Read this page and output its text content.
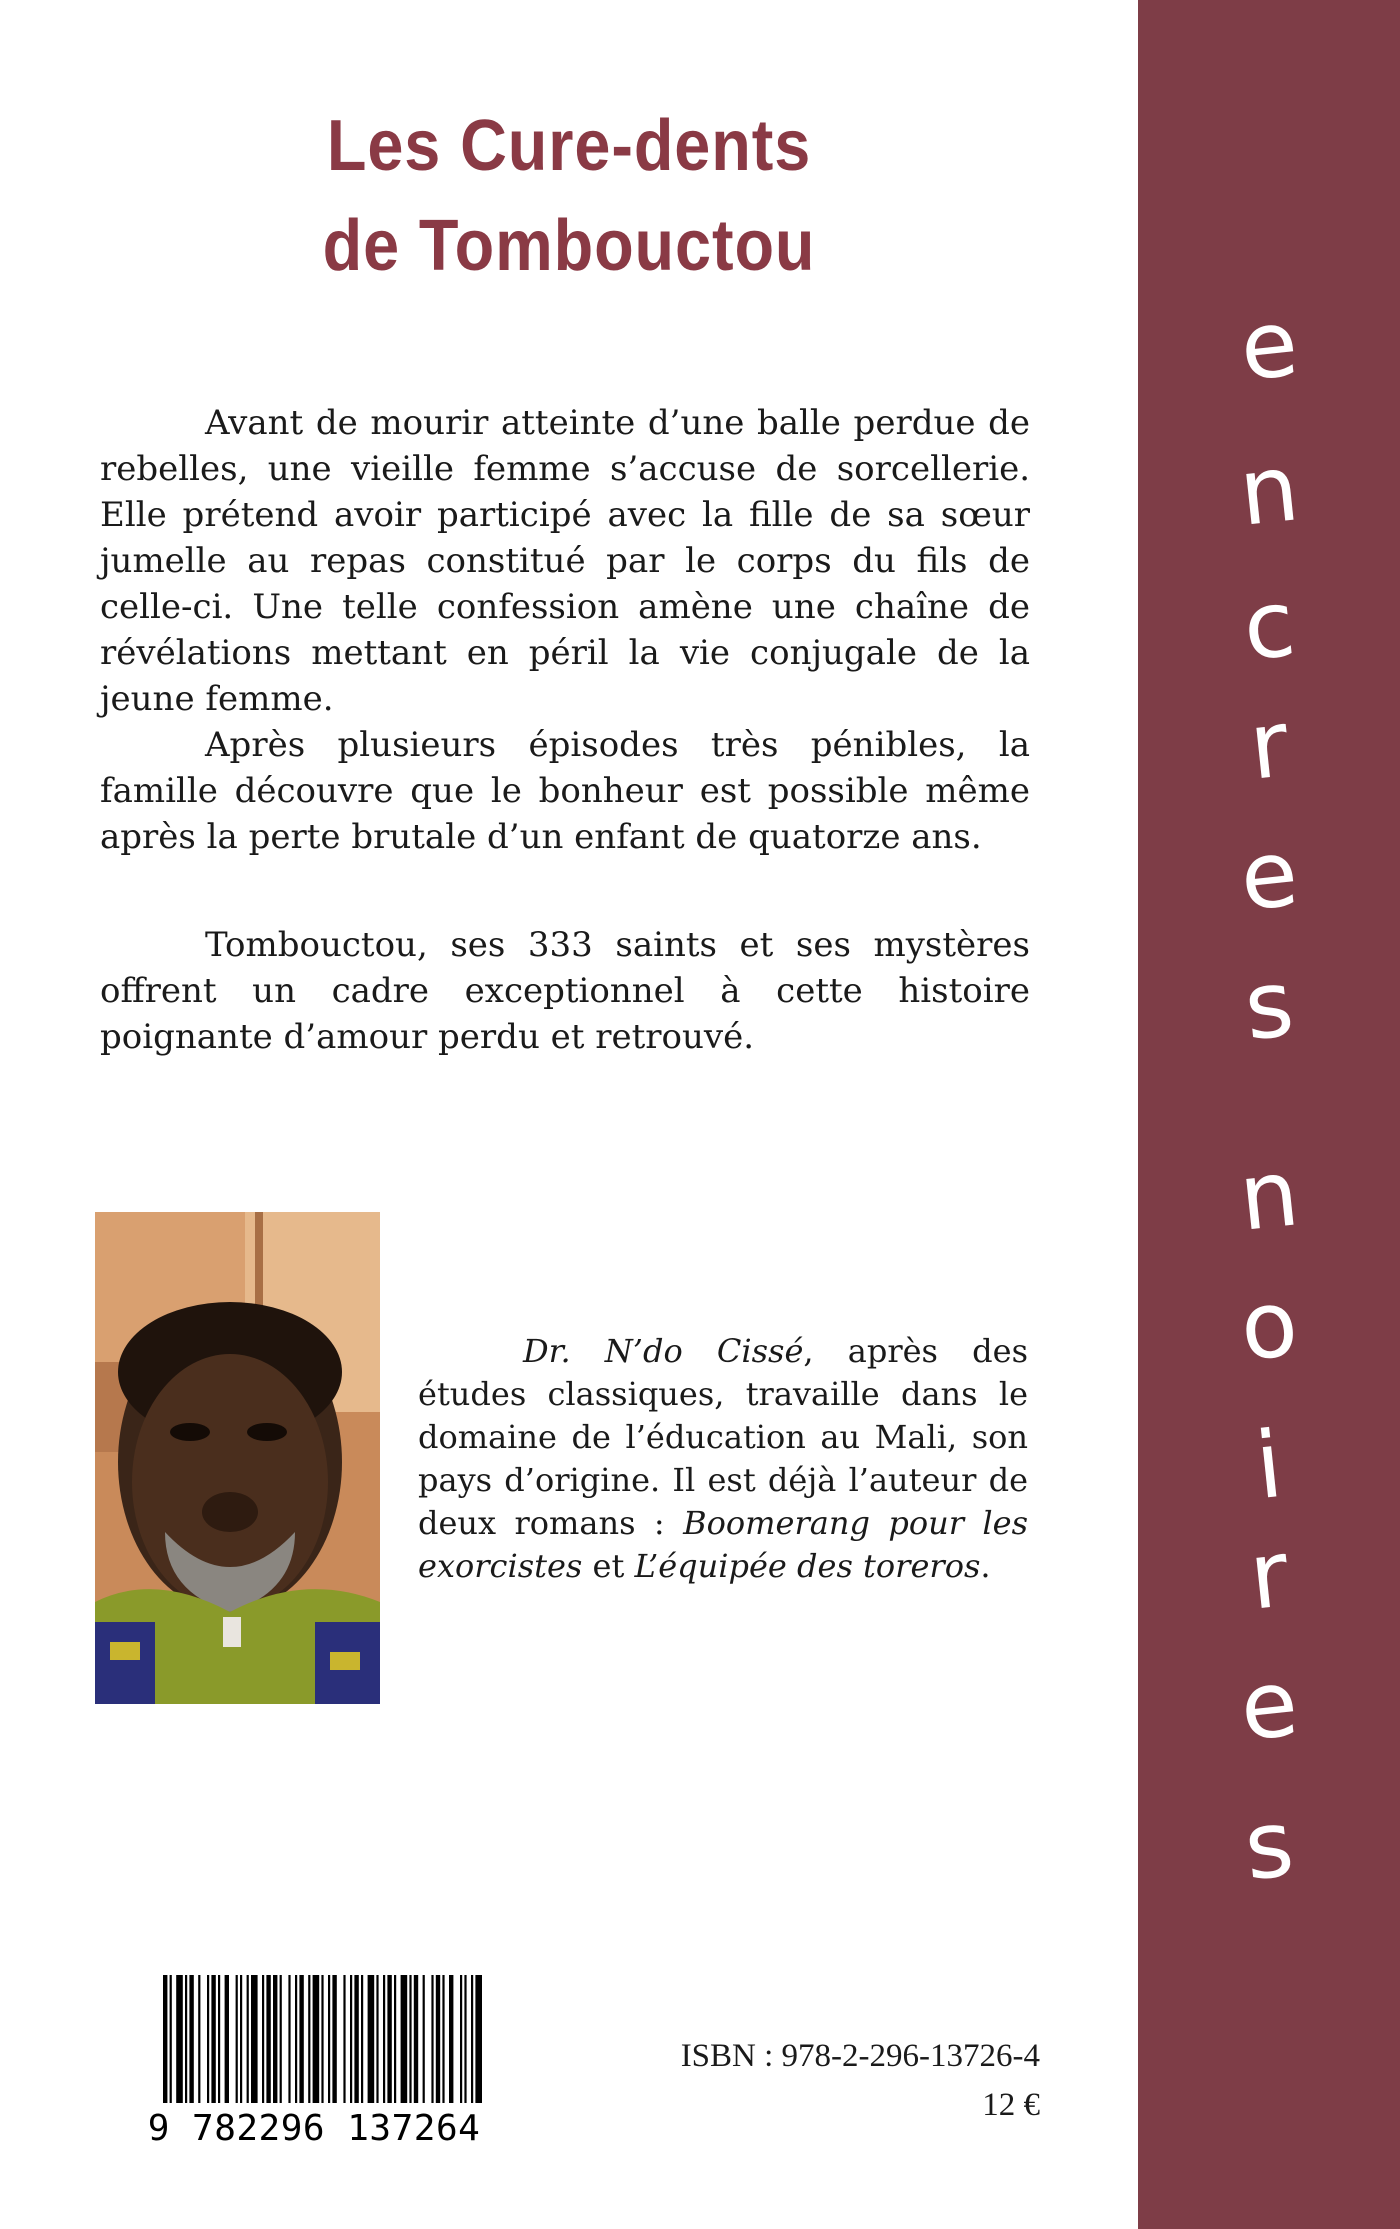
Les Cure-dents
de Tombouctou

Avant de mourir atteinte d’une balle perdue de rebelles, une vieille femme s’accuse de sorcellerie. Elle prétend avoir participé avec la fille de sa sœur jumelle au repas constitué par le corps du fils de celle-ci. Une telle confession amène une chaîne de révélations mettant en péril la vie conjugale de la jeune femme.

Après plusieurs épisodes très pénibles, la famille découvre que le bonheur est possible même après la perte brutale d’un enfant de quatorze ans.

Tombouctou, ses 333 saints et ses mystères offrent un cadre exceptionnel à cette histoire poignante d’amour perdu et retrouvé.

Dr. N’do Cissé, après des études classiques, travaille dans le domaine de l’éducation au Mali, son pays d’origine. Il est déjà l’auteur de deux romans : Boomerang pour les exorcistes et L’équipée des toreros.

9 782296 137264
ISBN : 978-2-296-13726-4
12 €
e
n
c
r
e
s
n
o
i
r
e
s
